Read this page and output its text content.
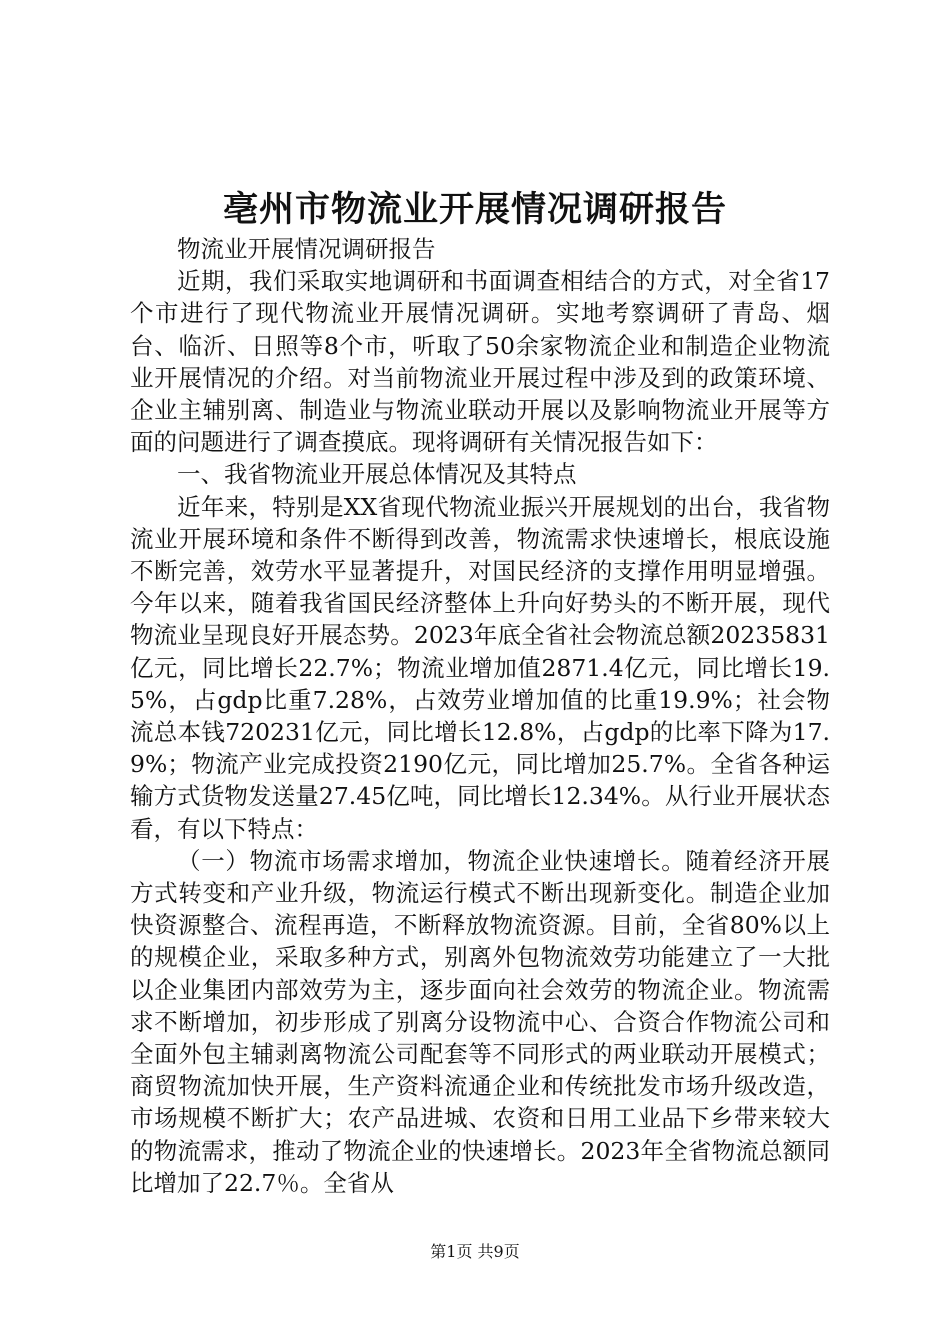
亳州市物流业开展情况调研报告

物流业开展情况调研报告

近期，我们采取实地调研和书面调查相结合的方式，对全省17个市进行了现代物流业开展情况调研。实地考察调研了青岛、烟台、临沂、日照等8个市，听取了50余家物流企业和制造企业物流业开展情况的介绍。对当前物流业开展过程中涉及到的政策环境、企业主辅别离、制造业与物流业联动开展以及影响物流业开展等方面的问题进行了调查摸底。现将调研有关情况报告如下：

一、我省物流业开展总体情况及其特点

近年来，特别是XX省现代物流业振兴开展规划的出台，我省物流业开展环境和条件不断得到改善，物流需求快速增长，根底设施不断完善，效劳水平显著提升，对国民经济的支撑作用明显增强。今年以来，随着我省国民经济整体上升向好势头的不断开展，现代物流业呈现良好开展态势。2023年底全省社会物流总额20235831亿元，同比增长22.7%；物流业增加值2871.4亿元，同比增长19.5%，占gdp比重7.28%，占效劳业增加值的比重19.9%；社会物流总本钱720231亿元，同比增长12.8%，占gdp的比率下降为17.9%；物流产业完成投资2190亿元，同比增加25.7%。全省各种运输方式货物发送量27.45亿吨，同比增长12.34%。从行业开展状态看，有以下特点：

（一）物流市场需求增加，物流企业快速增长。随着经济开展方式转变和产业升级，物流运行模式不断出现新变化。制造企业加快资源整合、流程再造，不断释放物流资源。目前，全省80%以上的规模企业，采取多种方式，别离外包物流效劳功能建立了一大批以企业集团内部效劳为主，逐步面向社会效劳的物流企业。物流需求不断增加，初步形成了别离分设物流中心、合资合作物流公司和全面外包主辅剥离物流公司配套等不同形式的两业联动开展模式；商贸物流加快开展，生产资料流通企业和传统批发市场升级改造，市场规模不断扩大；农产品进城、农资和日用工业品下乡带来较大的物流需求，推动了物流企业的快速增长。2023年全省物流总额同比增加了22.7％。全省从

第1页 共9页
